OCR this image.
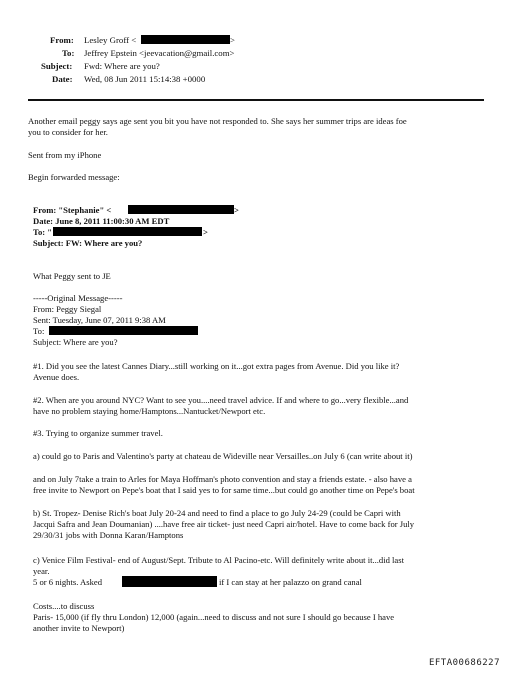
From: Lesley Groff <	>
To: Jeffrey Epstein <jeevacation@gmail.com>
Subject: Fwd: Where are you?
Date: Wed, 08 Jun 2011 15:14:38 +0000
Another email peggy says age sent you bit you have not responded to. She says her summer trips are ideas foe
you to consider for her.
Sent from my iPhone
Begin forwarded message:
From: "Stephanie" <	>
Date: June 8, 2011 11:00:30 AM EDT
To: "	>
Subject: FW: Where are you?
What Peggy sent to JE
-----Original Message-----
From: Peggy Siegal
Sent: Tuesday, June 07, 2011 9:38 AM
To:
Subject: Where are you?
#1. Did you see the latest Cannes Diary...still working on it...got extra pages from Avenue. Did you like it?
Avenue does.
#2. When are you around NYC? Want to see you....need travel advice. If and where to go...very flexible...and
have no problem staying home/Hamptons...Nantucket/Newport etc.
#3. Trying to organize summer travel.
a) could go to Paris and Valentino's party at chateau de Wideville near Versailles..on July 6 (can write about it)
and on July 7take a train to Arles for Maya Hoffman's photo convention and stay a friends estate. - also have a
free invite to Newport on Pepe's boat that I said yes to for same time...but could go another time on Pepe's boat
b) St. Tropez- Denise Rich's boat July 20-24 and need to find a place to go July 24-29 (could be Capri with
Jacqui Safra and Jean Doumanian) ....have free air ticket- just need Capri air/hotel. Have to come back for July
29/30/31 jobs with Donna Karan/Hamptons
c) Venice Film Festival- end of August/Sept. Tribute to Al Pacino-etc. Will definitely write about it...did last
year.
5 or 6 nights. Asked	if I can stay at her palazzo on grand canal
Costs....to discuss
Paris- 15,000 (if fly thru London) 12,000 (again...need to discuss and not sure I should go because I have
another invite to Newport)
EFTA00686227
